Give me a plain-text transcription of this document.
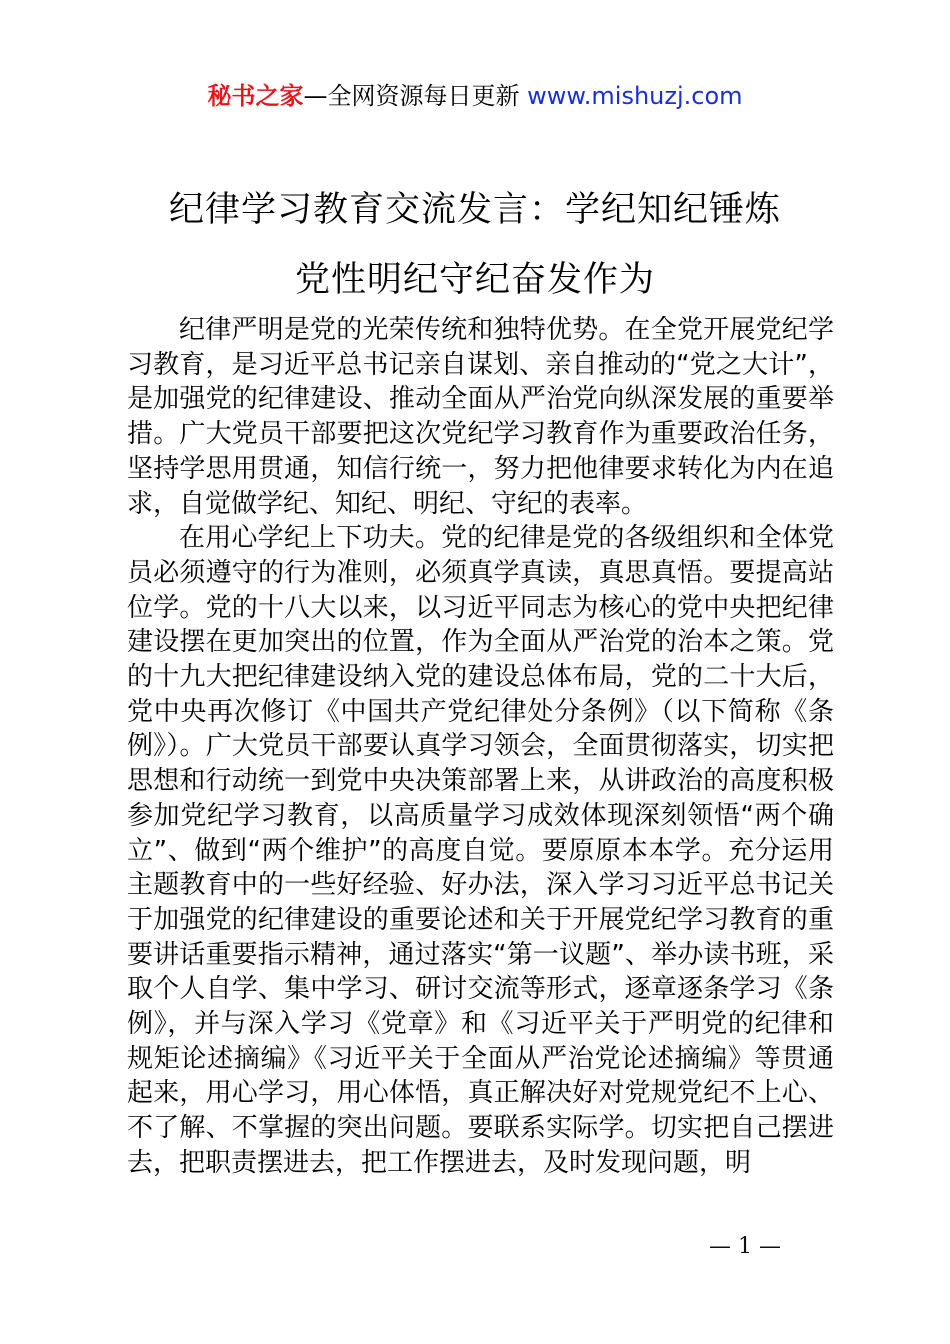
秘书之家—全网资源每日更新 www.mishuzj.com
纪律学习教育交流发言：学纪知纪锤炼
党性明纪守纪奋发作为

纪律严明是党的光荣传统和独特优势。在全党开展党纪学习教育，是习近平总书记亲自谋划、亲自推动的“党之大计”，是加强党的纪律建设、推动全面从严治党向纵深发展的重要举措。广大党员干部要把这次党纪学习教育作为重要政治任务，坚持学思用贯通，知信行统一，努力把他律要求转化为内在追求，自觉做学纪、知纪、明纪、守纪的表率。

在用心学纪上下功夫。党的纪律是党的各级组织和全体党员必须遵守的行为准则，必须真学真读，真思真悟。要提高站位学。党的十八大以来，以习近平同志为核心的党中央把纪律建设摆在更加突出的位置，作为全面从严治党的治本之策。党的十九大把纪律建设纳入党的建设总体布局，党的二十大后，党中央再次修订《中国共产党纪律处分条例》（以下简称《条例》）。广大党员干部要认真学习领会，全面贯彻落实，切实把思想和行动统一到党中央决策部署上来，从讲政治的高度积极参加党纪学习教育，以高质量学习成效体现深刻领悟“两个确立”、做到“两个维护”的高度自觉。要原原本本学。充分运用主题教育中的一些好经验、好办法，深入学习习近平总书记关于加强党的纪律建设的重要论述和关于开展党纪学习教育的重要讲话重要指示精神，通过落实“第一议题”、举办读书班，采取个人自学、集中学习、研讨交流等形式，逐章逐条学习《条例》，并与深入学习《党章》和《习近平关于严明党的纪律和规矩论述摘编》《习近平关于全面从严治党论述摘编》等贯通起来，用心学习，用心体悟，真正解决好对党规党纪不上心、不了解、不掌握的突出问题。要联系实际学。切实把自己摆进去，把职责摆进去，把工作摆进去，及时发现问题，明

— 1 —
